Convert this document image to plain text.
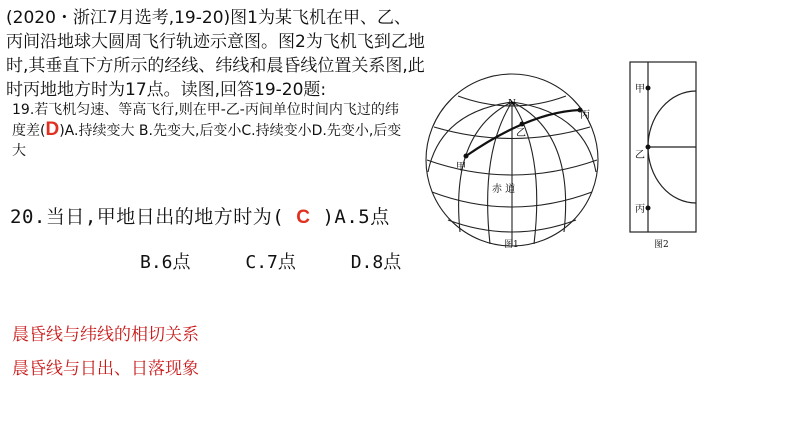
(2020・浙江7月选考,19-20)图1为某飞机在甲、乙、丙间沿地球大圆周飞行轨迹示意图。图2为飞机飞到乙地时,其垂直下方所示的经线、纬线和晨昏线位置关系图,此时丙地地方时为17点。读图,回答19-20题:
19.若飞机匀速、等高飞行,则在甲-乙-丙间单位时间内飞过的纬度差(D)A.持续变大 B.先变大,后变小C.持续变小D.先变小,后变大
20.当日,甲地日出的地方时为( C )A.5点
B.6点	C.7点	D.8点
晨昏线与纬线的相切关系
晨昏线与日出、日落现象
N
甲
乙
丙
赤 道
图1
甲
乙
丙
图2
